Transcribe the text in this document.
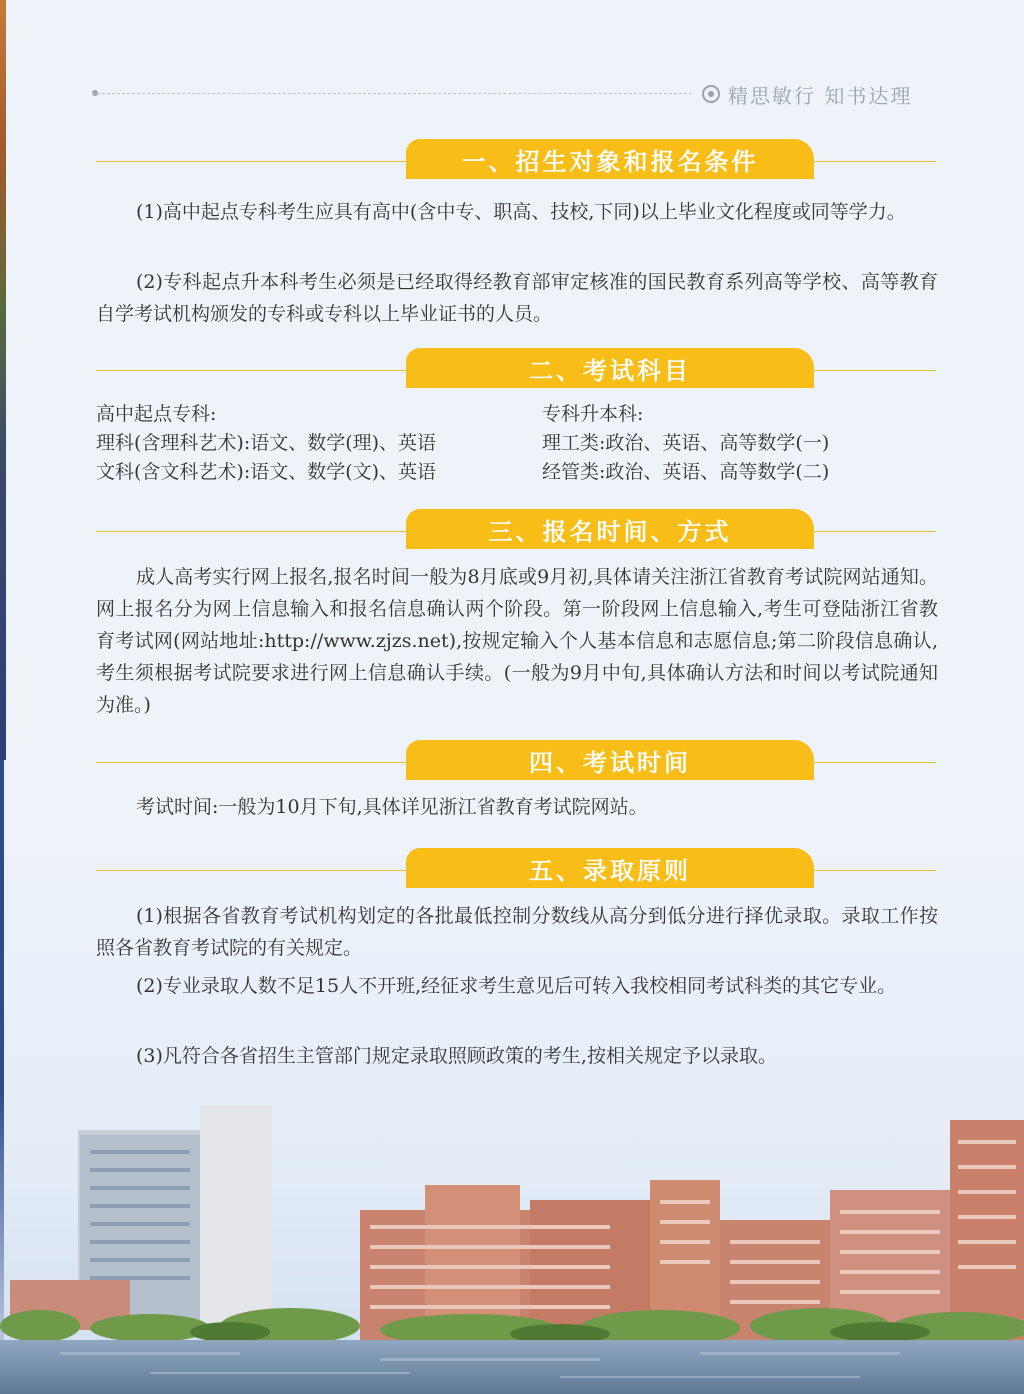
精思敏行 知书达理
一、招生对象和报名条件
(1)高中起点专科考生应具有高中(含中专、职高、技校,下同)以上毕业文化程度或同等学力。
(2)专科起点升本科考生必须是已经取得经教育部审定核准的国民教育系列高等学校、高等教育自学考试机构颁发的专科或专科以上毕业证书的人员。
二、考试科目
高中起点专科:
理科(含理科艺术):语文、数学(理)、英语
文科(含文科艺术):语文、数学(文)、英语
专科升本科:
理工类:政治、英语、高等数学(一)
经管类:政治、英语、高等数学(二)
三、报名时间、方式
成人高考实行网上报名,报名时间一般为8月底或9月初,具体请关注浙江省教育考试院网站通知。网上报名分为网上信息输入和报名信息确认两个阶段。第一阶段网上信息输入,考生可登陆浙江省教育考试网(网站地址:http://www.zjzs.net),按规定输入个人基本信息和志愿信息;第二阶段信息确认,考生须根据考试院要求进行网上信息确认手续。(一般为9月中旬,具体确认方法和时间以考试院通知为准。)
四、考试时间
考试时间:一般为10月下旬,具体详见浙江省教育考试院网站。
五、录取原则
(1)根据各省教育考试机构划定的各批最低控制分数线从高分到低分进行择优录取。录取工作按照各省教育考试院的有关规定。
(2)专业录取人数不足15人不开班,经征求考生意见后可转入我校相同考试科类的其它专业。
(3)凡符合各省招生主管部门规定录取照顾政策的考生,按相关规定予以录取。
